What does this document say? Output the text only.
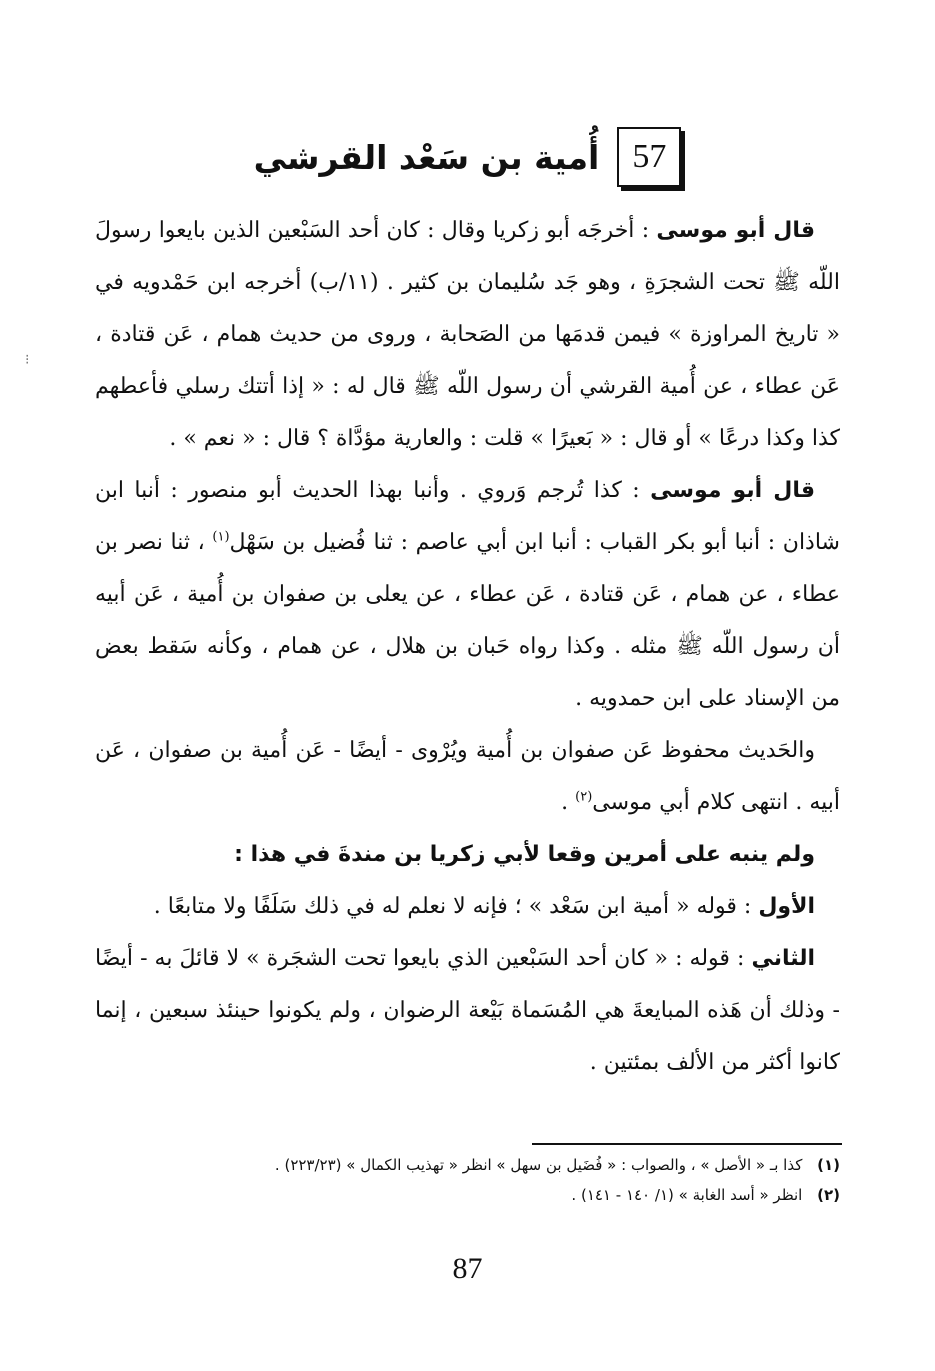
⁝
57
أُمية بن سَعْد القرشي

قال أبو موسى : أخرجَه أبو زكريا وقال : كان أحد السَبْعين الذين بايعوا رسولَ اللّه ﷺ تحت الشجرَةِ ، وهو جَد سُليمان بن كثير . (١١/ب) أخرجه ابن حَمْدويه في « تاريخ المراوزة » فيمن قدمَها من الصَحابة ، وروى من حديث همام ، عَن قتادة ، عَن عطاء ، عن أُمية القرشي أن رسول اللّه ﷺ قال له : « إذا أتتك رسلي فأعطهم كذا وكذا درعًا » أو قال : « بَعيرًا » قلت : والعارية مؤدَّاة ؟ قال : « نعم » .

قال أبو موسى : كذا تُرجم وَروي . وأنبا بهذا الحديث أبو منصور : أنبا ابن شاذان : أنبا أبو بكر القباب : أنبا ابن أبي عاصم : ثنا فُضيل بن سَهْل$^{(١)}$ ، ثنا نصر بن عطاء ، عن همام ، عَن قتادة ، عَن عطاء ، عن يعلى بن صفوان بن أُمية ، عَن أبيه أن رسول اللّه ﷺ مثله . وكذا رواه حَبان بن هلال ، عن همام ، وكأنه سَقط بعض من الإسناد على ابن حمدويه .

والحَديث محفوظ عَن صفوان بن أُمية ويُرْوى - أيضًا - عَن أُمية بن صفوان ، عَن أبيه . انتهى كلام أبي موسى$^{(٢)}$ .

ولم ينبه على أمرين وقعا لأبي زكريا بن مندةَ في هذا :

الأول : قوله « أمية ابن سَعْد » ؛ فإنه لا نعلم له في ذلك سَلَفًا ولا متابعًا .

الثاني : قوله : « كان أحد السَبْعين الذي بايعوا تحت الشجَرة » لا قائلَ به - أيضًا - وذلك أن هَذه المبايعةَ هي المُسَماة بَيْعة الرضوان ، ولم يكونوا حينئذ سبعين ، إنما كانوا أكثر من الألف بمئتين .

(١) كذا بـ « الأصل » ، والصواب : « فُضَيل بن سهل » انظر « تهذيب الكمال » (٢٢٣/٢٣) .
(٢) انظر « أسد الغابة » (١/ ١٤٠ - ١٤١) .
87
